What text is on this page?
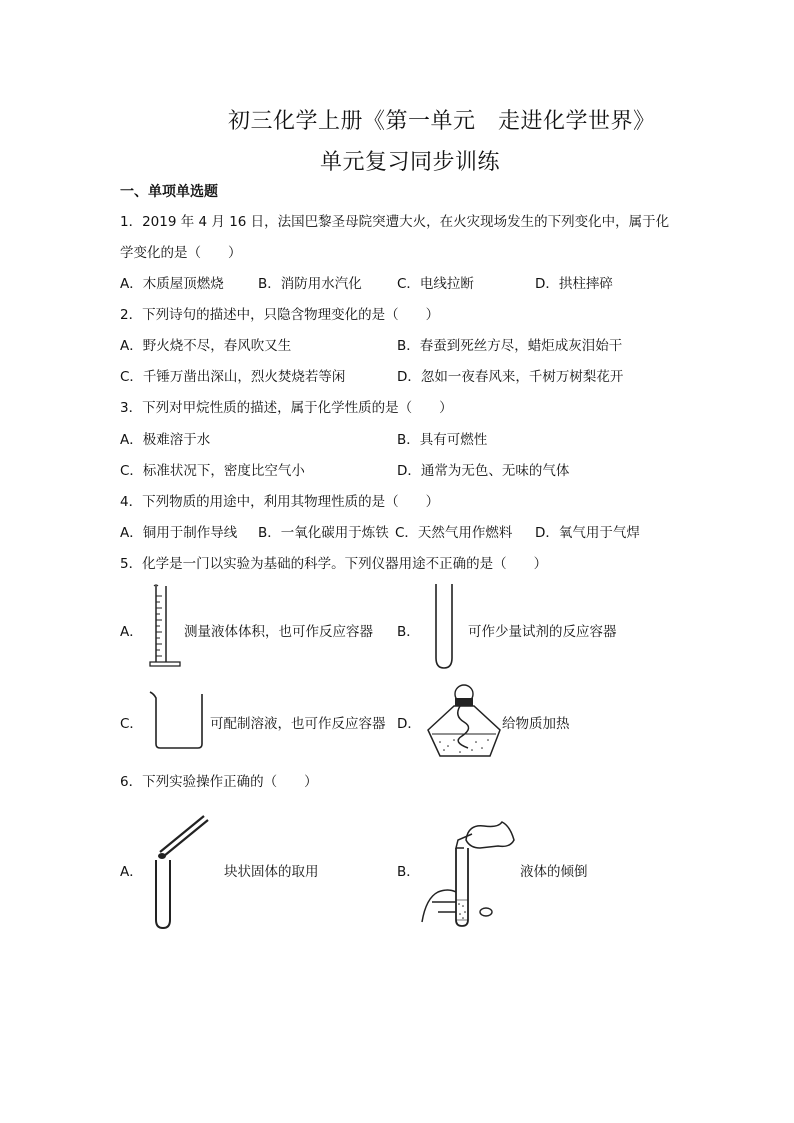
初三化学上册《第一单元　走进化学世界》
单元复习同步训练
一、单项单选题
1．2019 年 4 月 16 日，法国巴黎圣母院突遭大火，在火灾现场发生的下列变化中，属于化
学变化的是（　　）
A．木质屋顶燃烧	B．消防用水汽化	C．电线拉断	D．拱柱摔碎
2．下列诗句的描述中，只隐含物理变化的是（　　）
A．野火烧不尽，春风吹又生	B．春蚕到死丝方尽，蜡炬成灰泪始干
C．千锤万凿出深山，烈火焚烧若等闲	D．忽如一夜春风来，千树万树梨花开
3．下列对甲烷性质的描述，属于化学性质的是（　　）
A．极难溶于水	B．具有可燃性
C．标准状况下，密度比空气小	D．通常为无色、无味的气体
4．下列物质的用途中，利用其物理性质的是（　　）
A．铜用于制作导线 B．一氧化碳用于炼铁 C．天然气用作燃料 D．氧气用于气焊
5．化学是一门以实验为基础的科学。下列仪器用途不正确的是（　　）
A．	测量液体体积，也可作反应容器 B．	可作少量试剂的反应容器
C．	可配制溶液，也可作反应容器 D．	给物质加热
6．下列实验操作正确的（　　）
A．	块状固体的取用	B．	液体的倾倒
